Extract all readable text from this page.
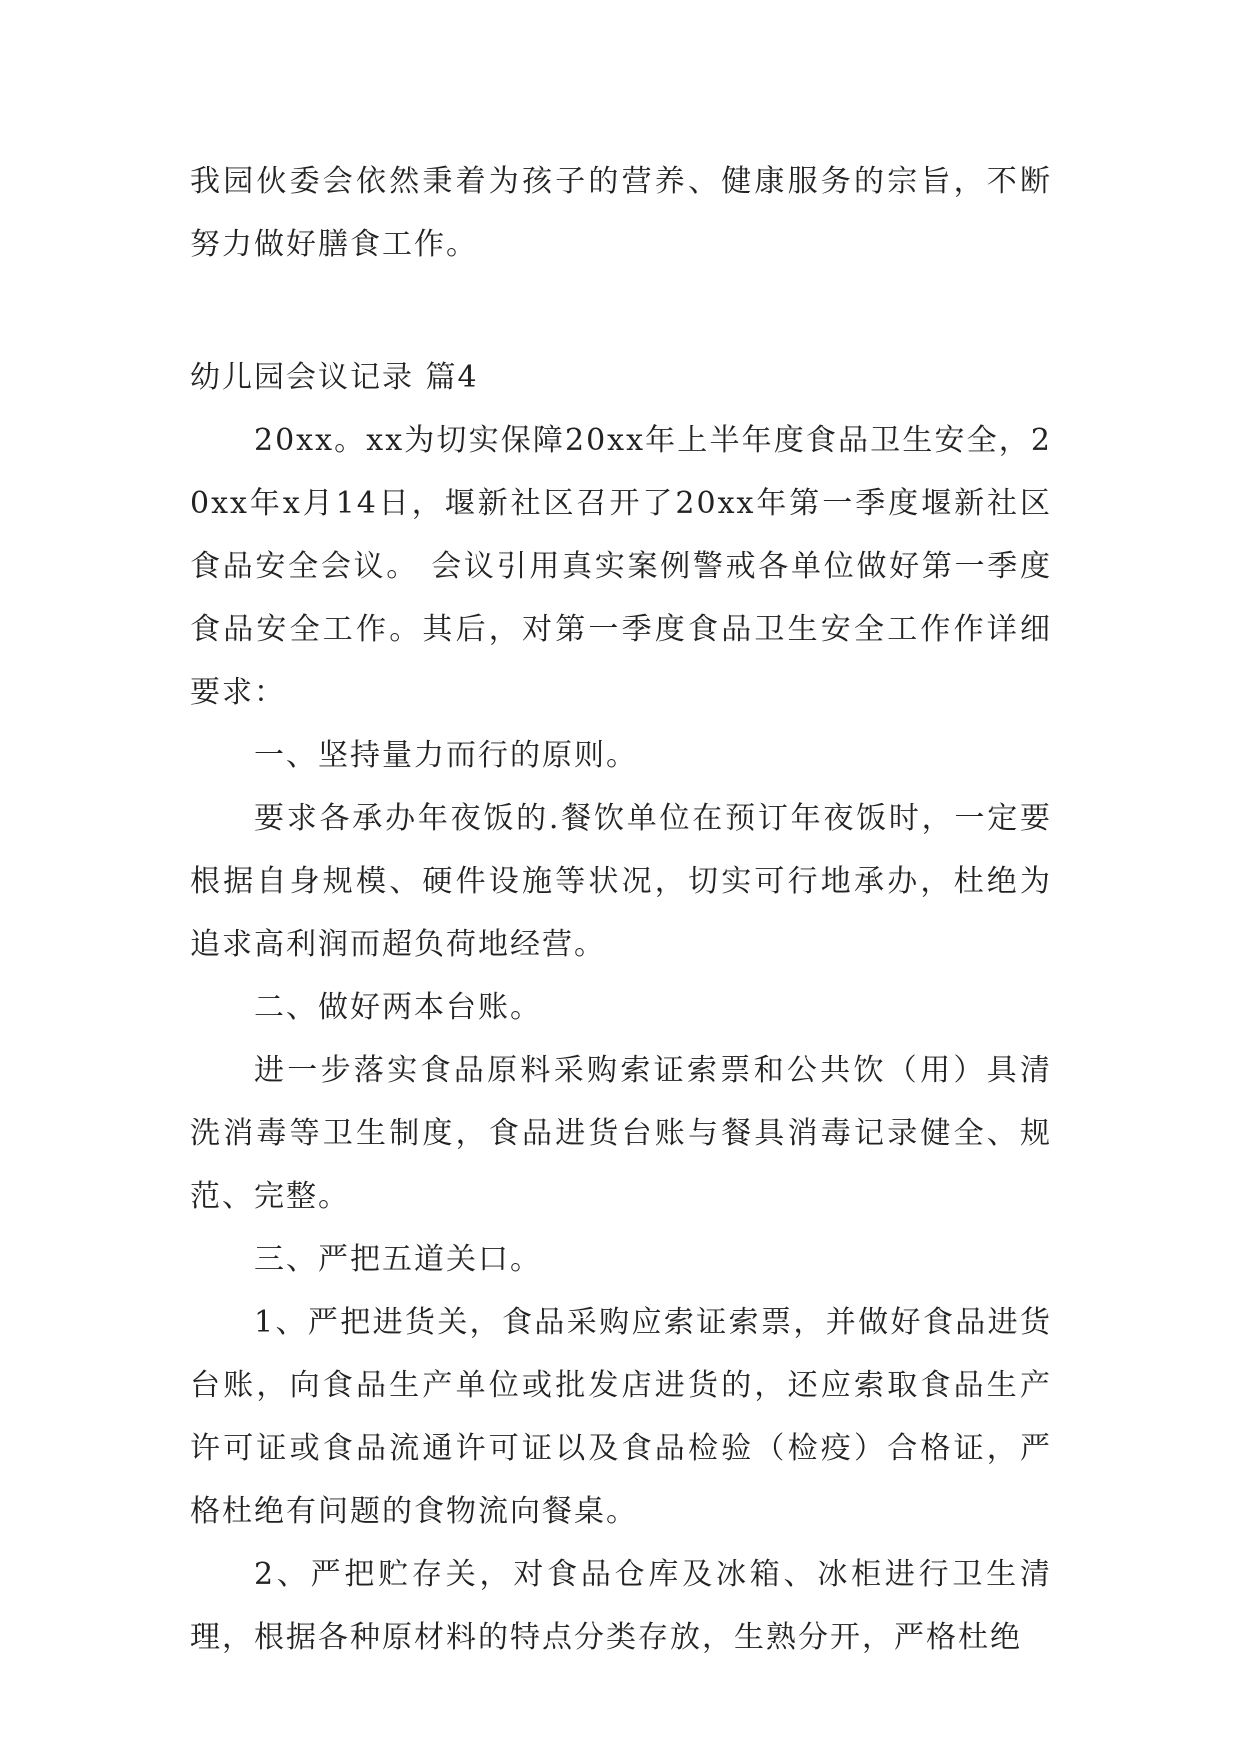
我园伙委会依然秉着为孩子的营养、健康服务的宗旨，不断努力做好膳食工作。

幼儿园会议记录 篇4

20xx。xx为切实保障20xx年上半年度食品卫生安全，20xx年x月14日，堰新社区召开了20xx年第一季度堰新社区食品安全会议。 会议引用真实案例警戒各单位做好第一季度食品安全工作。其后，对第一季度食品卫生安全工作作详细要求：

一、坚持量力而行的原则。

要求各承办年夜饭的.餐饮单位在预订年夜饭时，一定要根据自身规模、硬件设施等状况，切实可行地承办，杜绝为追求高利润而超负荷地经营。

二、做好两本台账。

进一步落实食品原料采购索证索票和公共饮（用）具清洗消毒等卫生制度，食品进货台账与餐具消毒记录健全、规范、完整。

三、严把五道关口。

1、严把进货关，食品采购应索证索票，并做好食品进货台账，向食品生产单位或批发店进货的，还应索取食品生产许可证或食品流通许可证以及食品检验（检疫）合格证，严格杜绝有问题的食物流向餐桌。

2、严把贮存关，对食品仓库及冰箱、冰柜进行卫生清理，根据各种原材料的特点分类存放，生熟分开，严格杜绝
